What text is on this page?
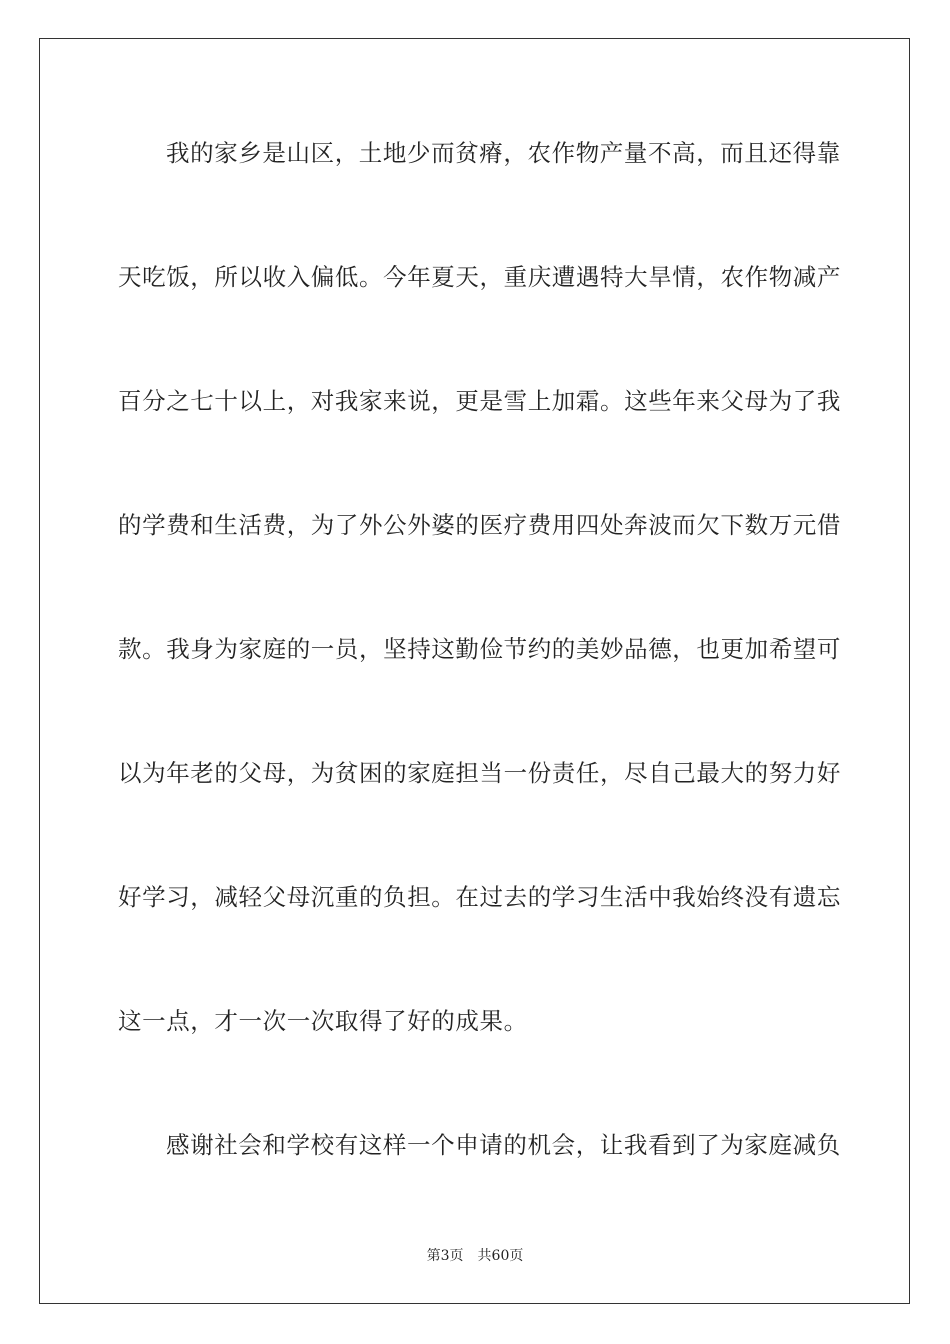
我的家乡是山区，土地少而贫瘠，农作物产量不高，而且还得靠
天吃饭，所以收入偏低。今年夏天，重庆遭遇特大旱情，农作物减产
百分之七十以上，对我家来说，更是雪上加霜。这些年来父母为了我
的学费和生活费，为了外公外婆的医疗费用四处奔波而欠下数万元借
款。我身为家庭的一员，坚持这勤俭节约的美妙品德，也更加希望可
以为年老的父母，为贫困的家庭担当一份责任，尽自己最大的努力好
好学习，减轻父母沉重的负担。在过去的学习生活中我始终没有遗忘
这一点，才一次一次取得了好的成果。
感谢社会和学校有这样一个申请的机会，让我看到了为家庭减负
第3页 共60页
